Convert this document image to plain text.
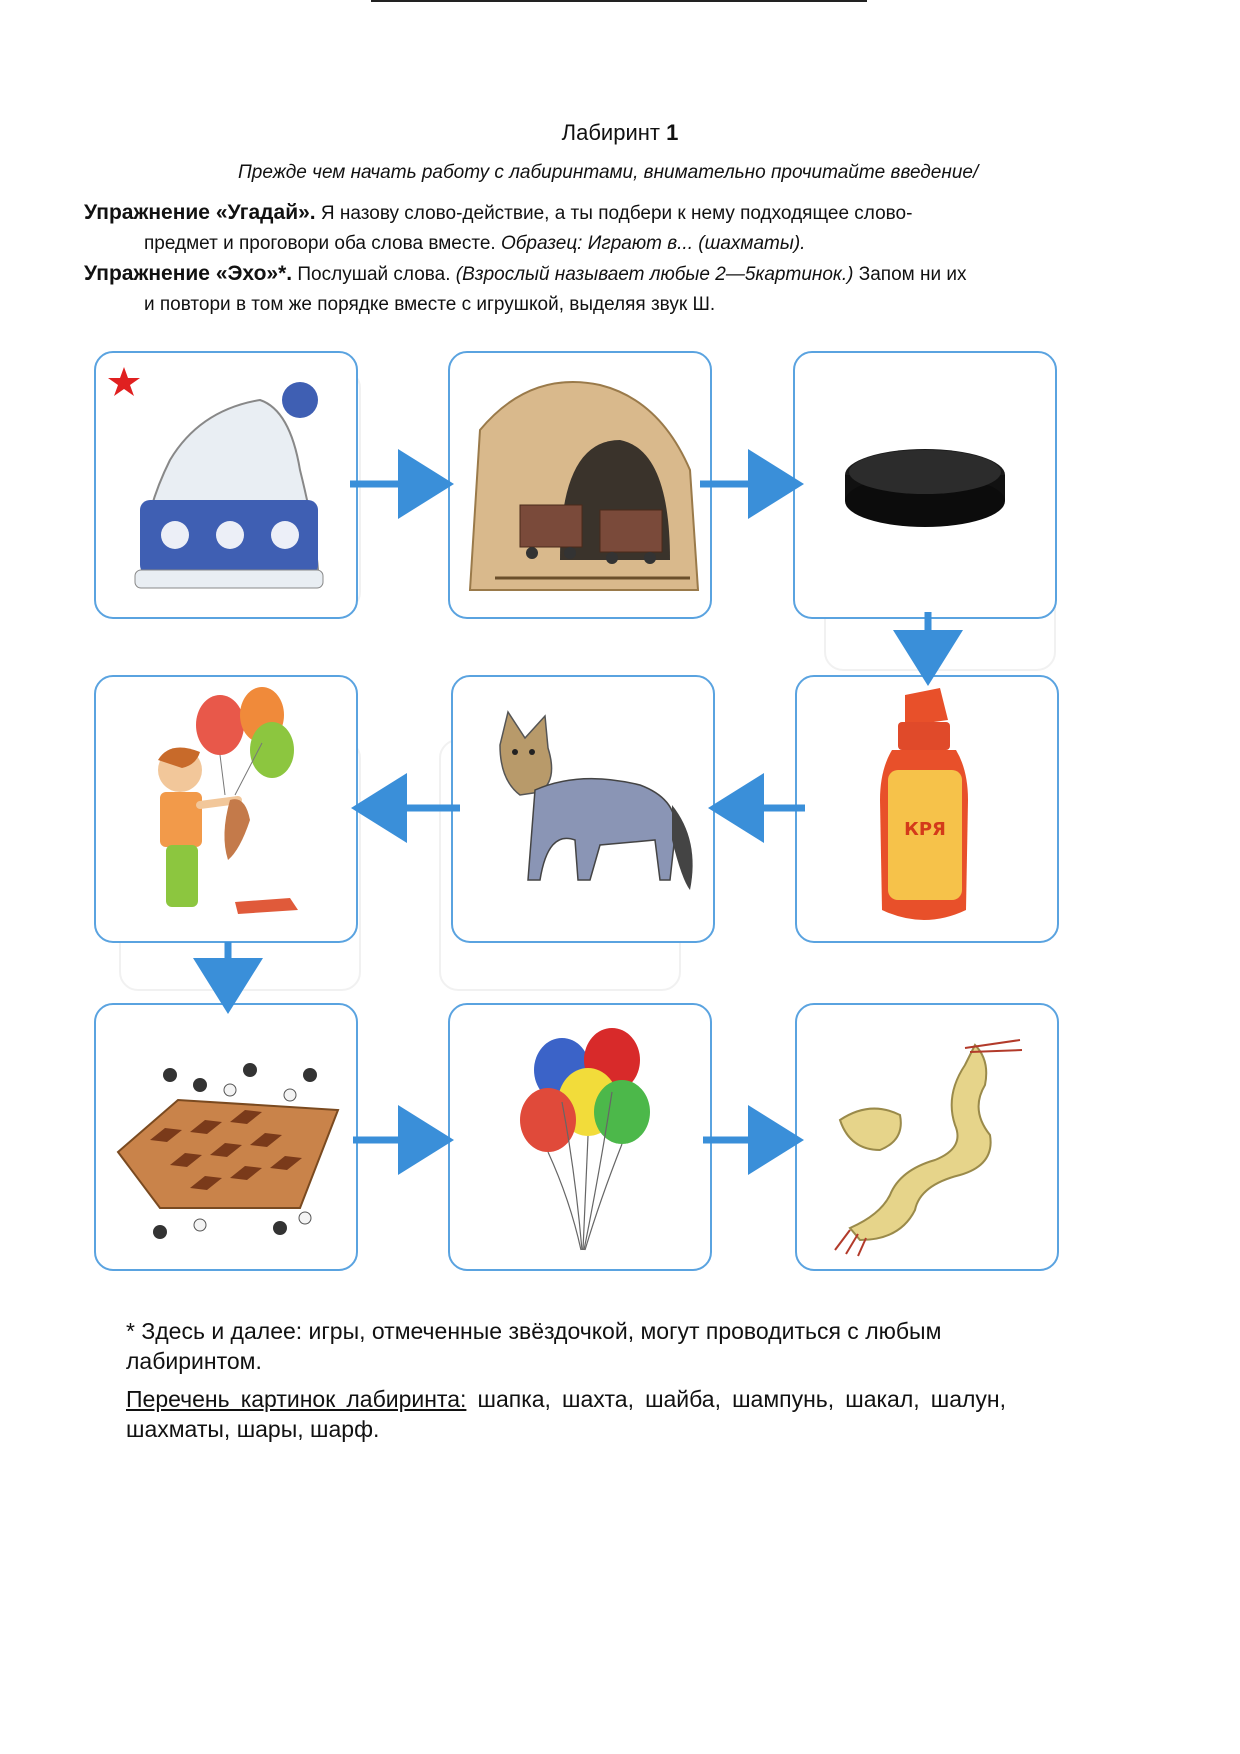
Лабиринт 1
Прежде чем начать работу с лабиринтами, внимательно прочитайте введение/
Упражнение «Угадай». Я назову слово-действие, а ты подбери к нему подходящее слово-
предмет и проговори оба слова вместе. Образец: Играют в... (шахматы).
Упражнение «Эхо»*. Послушай слова. (Взрослый называет любые 2—5картинок.) Запом ни их
и повтори в том же порядке вместе с игрушкой, выделяя звук Ш.
КРЯ
* Здесь и далее: игры, отмеченные звёздочкой, могут проводиться с любым лабиринтом.
Перечень картинок лабиринта: шапка, шахта, шайба, шампунь, шакал, шалун, шахматы, шары, шарф.
